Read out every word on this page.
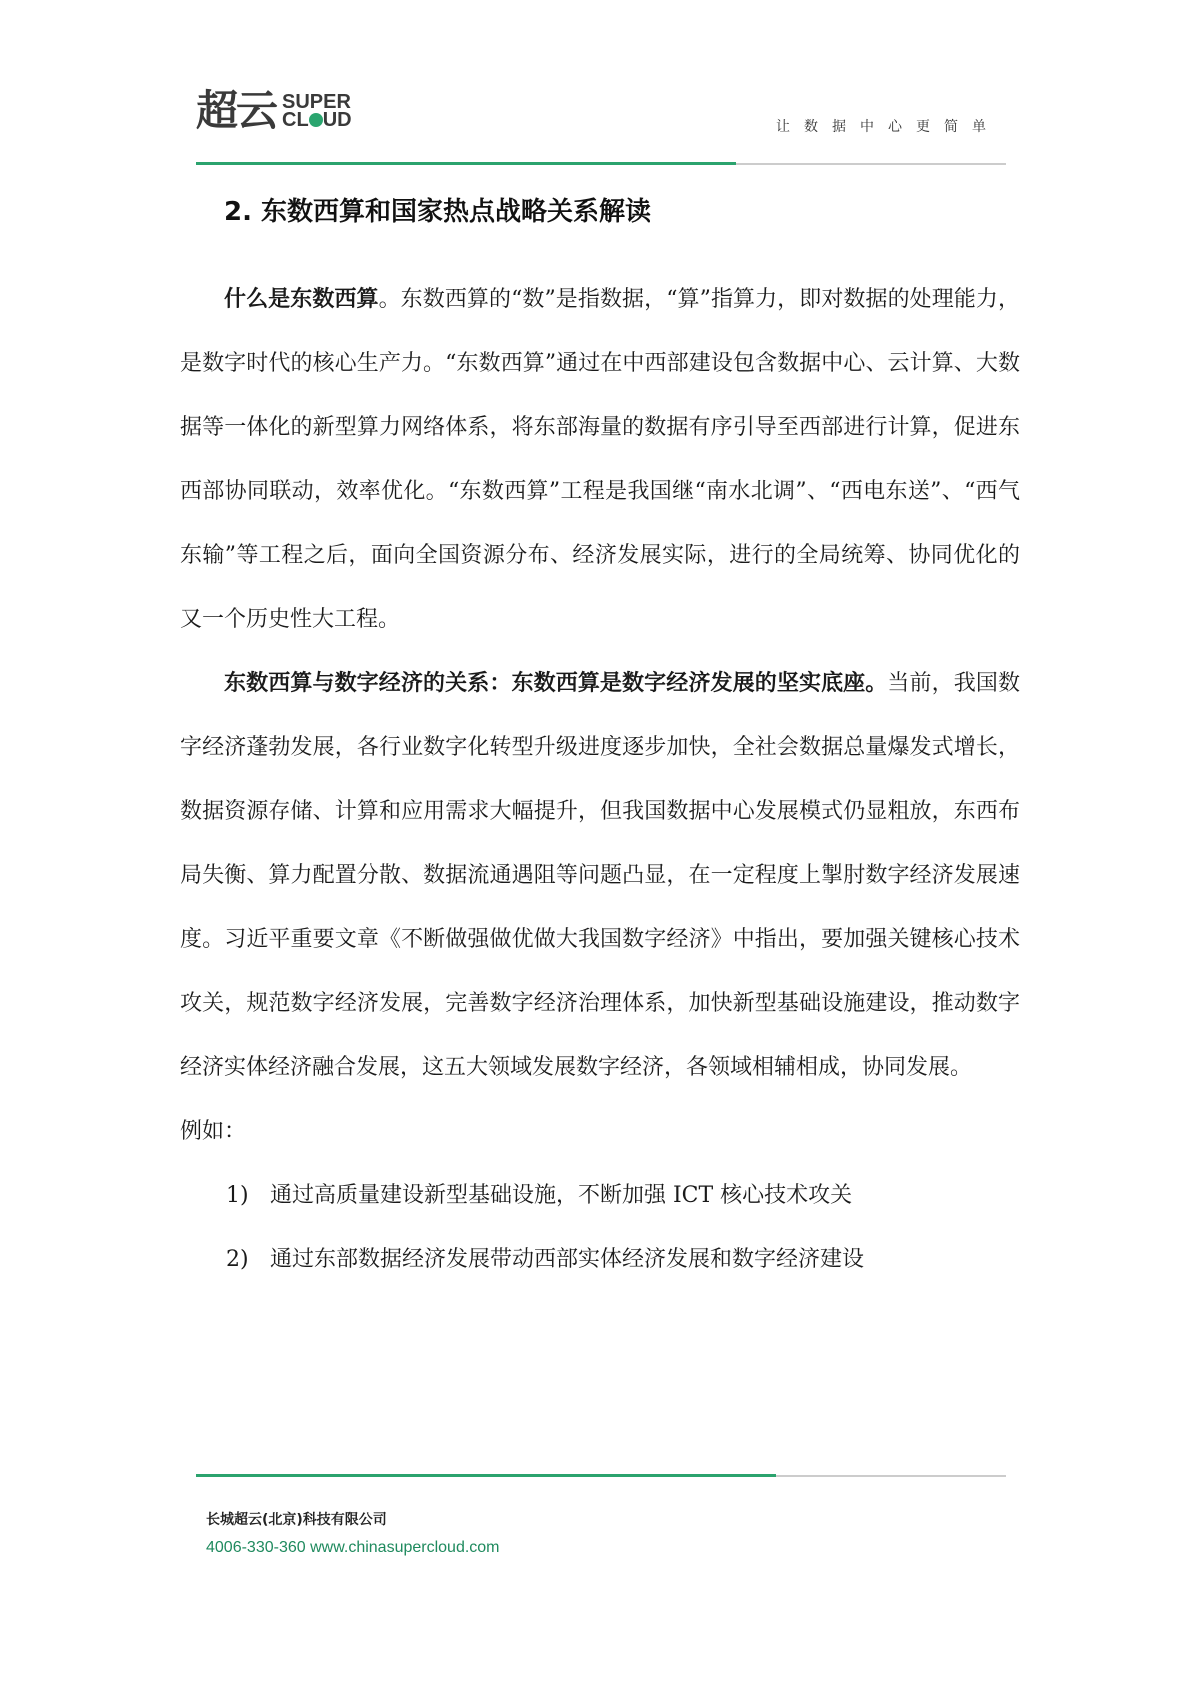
超云 SUPER
CL UD	让数据中心更简单
2. 东数西算和国家热点战略关系解读

什么是东数西算。东数西算的“数”是指数据，“算”指算力，即对数据的处理能力，是数字时代的核心生产力。“东数西算”通过在中西部建设包含数据中心、云计算、大数据等一体化的新型算力网络体系，将东部海量的数据有序引导至西部进行计算，促进东西部协同联动，效率优化。“东数西算”工程是我国继“南水北调”、“西电东送”、“西气东输”等工程之后，面向全国资源分布、经济发展实际，进行的全局统筹、协同优化的又一个历史性大工程。

东数西算与数字经济的关系：东数西算是数字经济发展的坚实底座。当前，我国数字经济蓬勃发展，各行业数字化转型升级进度逐步加快，全社会数据总量爆发式增长，数据资源存储、计算和应用需求大幅提升，但我国数据中心发展模式仍显粗放，东西布局失衡、算力配置分散、数据流通遇阻等问题凸显，在一定程度上掣肘数字经济发展速度。习近平重要文章《不断做强做优做大我国数字经济》中指出，要加强关键核心技术攻关，规范数字经济发展，完善数字经济治理体系，加快新型基础设施建设，推动数字经济实体经济融合发展，这五大领域发展数字经济，各领域相辅相成，协同发展。

例如：

1) 通过高质量建设新型基础设施，不断加强 ICT 核心技术攻关
2) 通过东部数据经济发展带动西部实体经济发展和数字经济建设
长城超云(北京)科技有限公司
4006-330-360 www.chinasupercloud.com
